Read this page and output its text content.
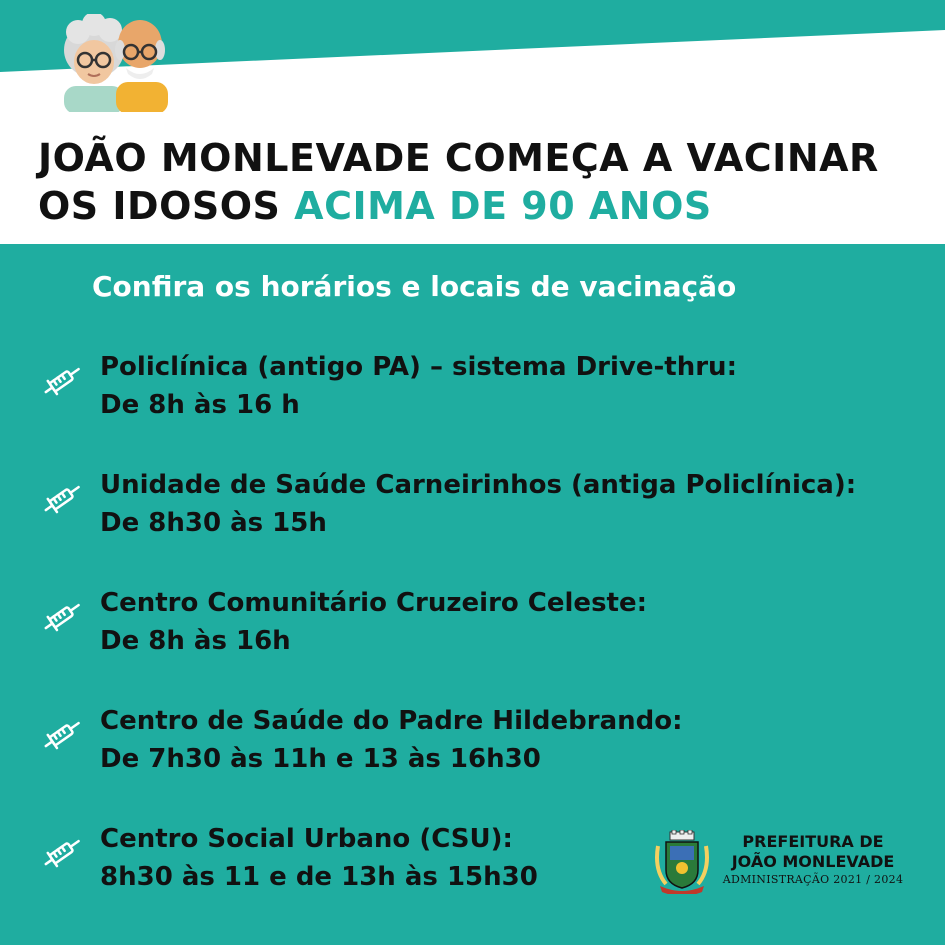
JOÃO MONLEVADE COMEÇA A VACINAR
OS IDOSOS ACIMA DE 90 ANOS
Confira os horários e locais de vacinação
Policlínica (antigo PA) – sistema Drive-thru:
De 8h às 16 h
Unidade de Saúde Carneirinhos (antiga Policlínica):
De 8h30 às 15h
Centro Comunitário Cruzeiro Celeste:
De 8h às 16h
Centro de Saúde do Padre Hildebrando:
De 7h30 às 11h e 13 às 16h30
Centro Social Urbano (CSU):
8h30 às 11 e de 13h às 15h30
PREFEITURA DE
JOÃO MONLEVADE
ADMINISTRAÇÃO 2021 / 2024
